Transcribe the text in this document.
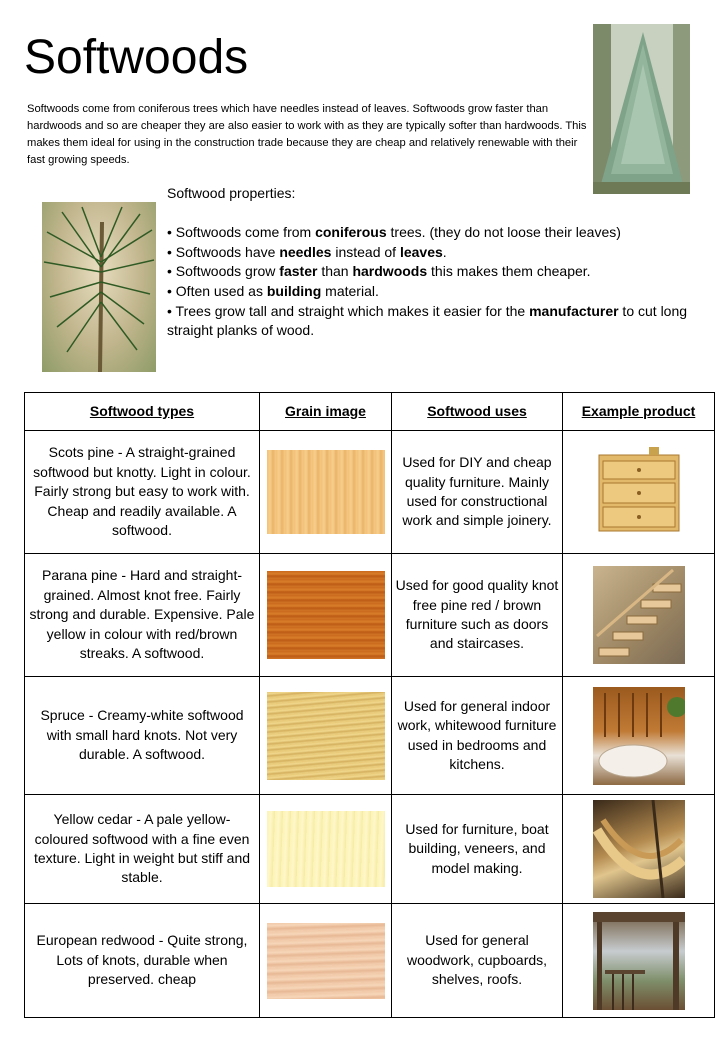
Softwoods
Softwoods come from coniferous trees which have needles instead of leaves. Softwoods grow faster than hardwoods and so are cheaper they are also easier to work with as they are typically softer than hardwoods. This makes them ideal for using in the construction trade because they are cheap and relatively renewable with their fast growing speeds.
Softwood properties:
• Softwoods come from coniferous trees. (they do not loose their leaves)
• Softwoods have needles instead of leaves.
• Softwoods grow faster than hardwoods this makes them cheaper.
• Often used as building material.
• Trees grow tall and straight which makes it easier for the manufacturer to cut long straight planks of wood.
Softwood types	Grain image	Softwood uses	Example product
Scots pine - A straight-grained softwood but knotty. Light in colour. Fairly strong but easy to work with. Cheap and readily available. A softwood.		Used for DIY and cheap quality furniture. Mainly used for constructional work and simple joinery.	
Parana pine - Hard and straight-grained. Almost knot free. Fairly strong and durable. Expensive. Pale yellow in colour with red/brown streaks. A softwood.		Used for good quality knot free pine red / brown furniture such as doors and staircases.	
Spruce - Creamy-white softwood with small hard knots. Not very durable. A softwood.		Used for general indoor work, whitewood furniture used in bedrooms and kitchens.	
Yellow cedar - A pale yellow-coloured softwood with a fine even texture. Light in weight but stiff and stable.		Used for furniture, boat building, veneers, and model making.	
European redwood - Quite strong, Lots of knots, durable when preserved. cheap		Used for general woodwork, cupboards, shelves, roofs.	
